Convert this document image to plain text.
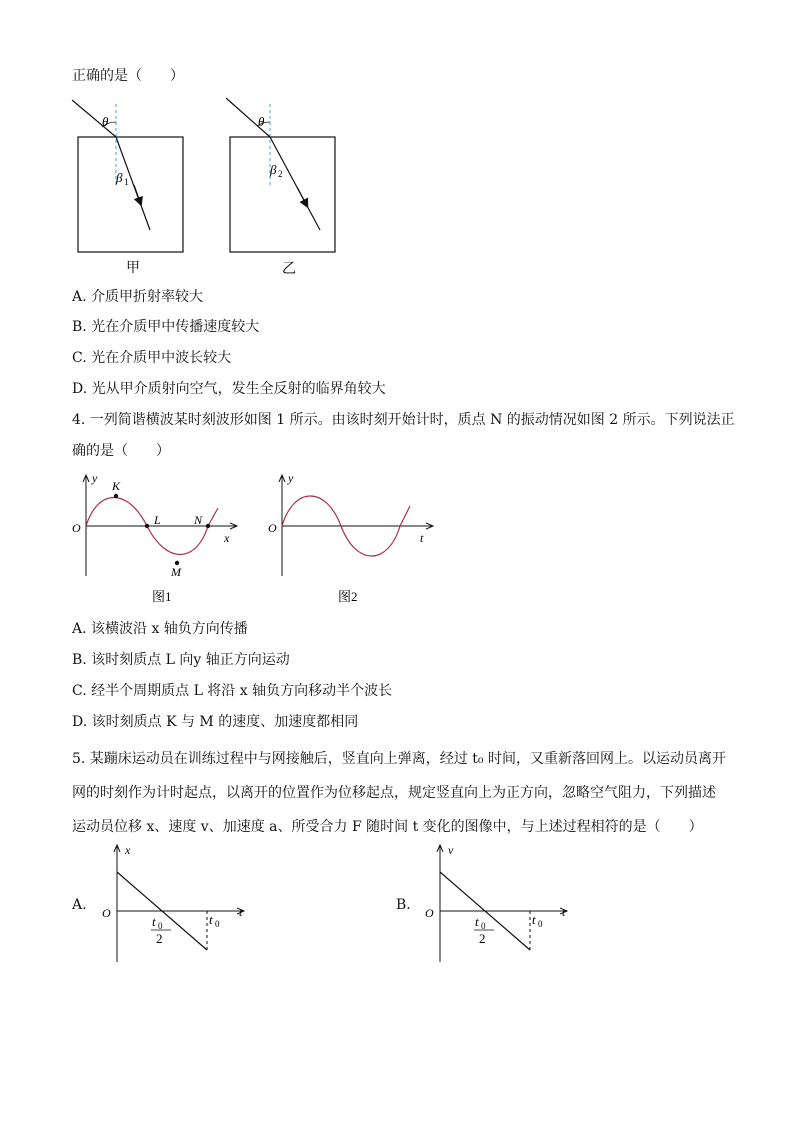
正确的是（　　）
θ
β 1
甲
θ
β 2
乙
A. 介质甲折射率较大
B. 光在介质甲中传播速度较大
C. 光在介质甲中波长较大
D. 光从甲介质射向空气，发生全反射的临界角较大
4. 一列简谐横波某时刻波形如图 1 所示。由该时刻开始计时，质点 N 的振动情况如图 2 所示。下列说法正
确的是（　　）
y
x
O
K
L
M
N
图1
y
t
O
图2
A. 该横波沿 x 轴负方向传播
B. 该时刻质点 L 向y 轴正方向运动
C. 经半个周期质点 L 将沿 x 轴负方向移动半个波长
D. 该时刻质点 K 与 M 的速度、加速度都相同
5. 某蹦床运动员在训练过程中与网接触后，竖直向上弹离，经过 t₀ 时间，又重新落回网上。以运动员离开
网的时刻作为计时起点，以离开的位置作为位移起点，规定竖直向上为正方向，忽略空气阻力，下列描述
运动员位移 x、速度 v、加速度 a、所受合力 F 随时间 t 变化的图像中，与上述过程相符的是（　　）
A.
x
t
O
t 0
2
t 0
B.
v
t
O
t 0
2
t 0
